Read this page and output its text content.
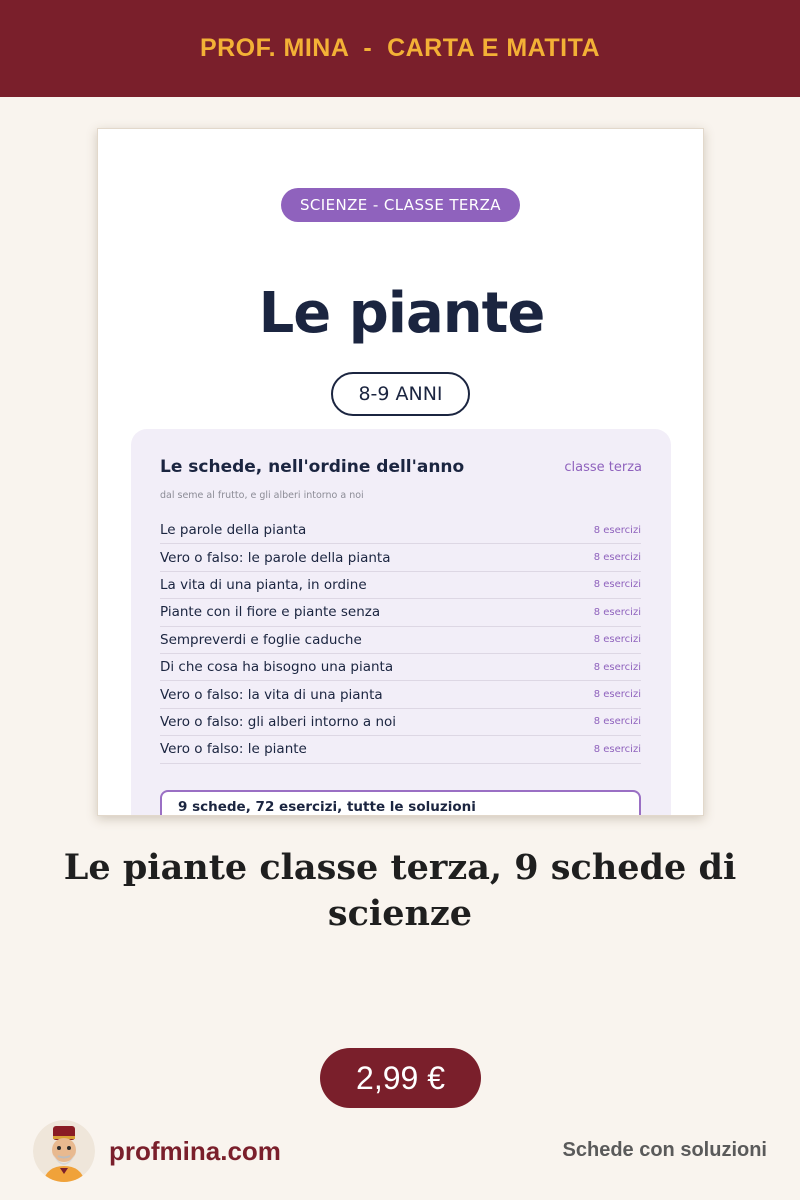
PROF. MINA  -  CARTA E MATITA
SCIENZE - CLASSE TERZA
Le piante
8-9 ANNI
Le schede, nell'ordine dell'anno	classe terza
dal seme al frutto, e gli alberi intorno a noi
Le parole della pianta	8 esercizi
Vero o falso: le parole della pianta	8 esercizi
La vita di una pianta, in ordine	8 esercizi
Piante con il fiore e piante senza	8 esercizi
Sempreverdi e foglie caduche	8 esercizi
Di che cosa ha bisogno una pianta	8 esercizi
Vero o falso: la vita di una pianta	8 esercizi
Vero o falso: gli alberi intorno a noi	8 esercizi
Vero o falso: le piante	8 esercizi
9 schede, 72 esercizi, tutte le soluzioni
Le piante classe terza, 9 schede di scienze
2,99 €
profmina.com	Schede con soluzioni
